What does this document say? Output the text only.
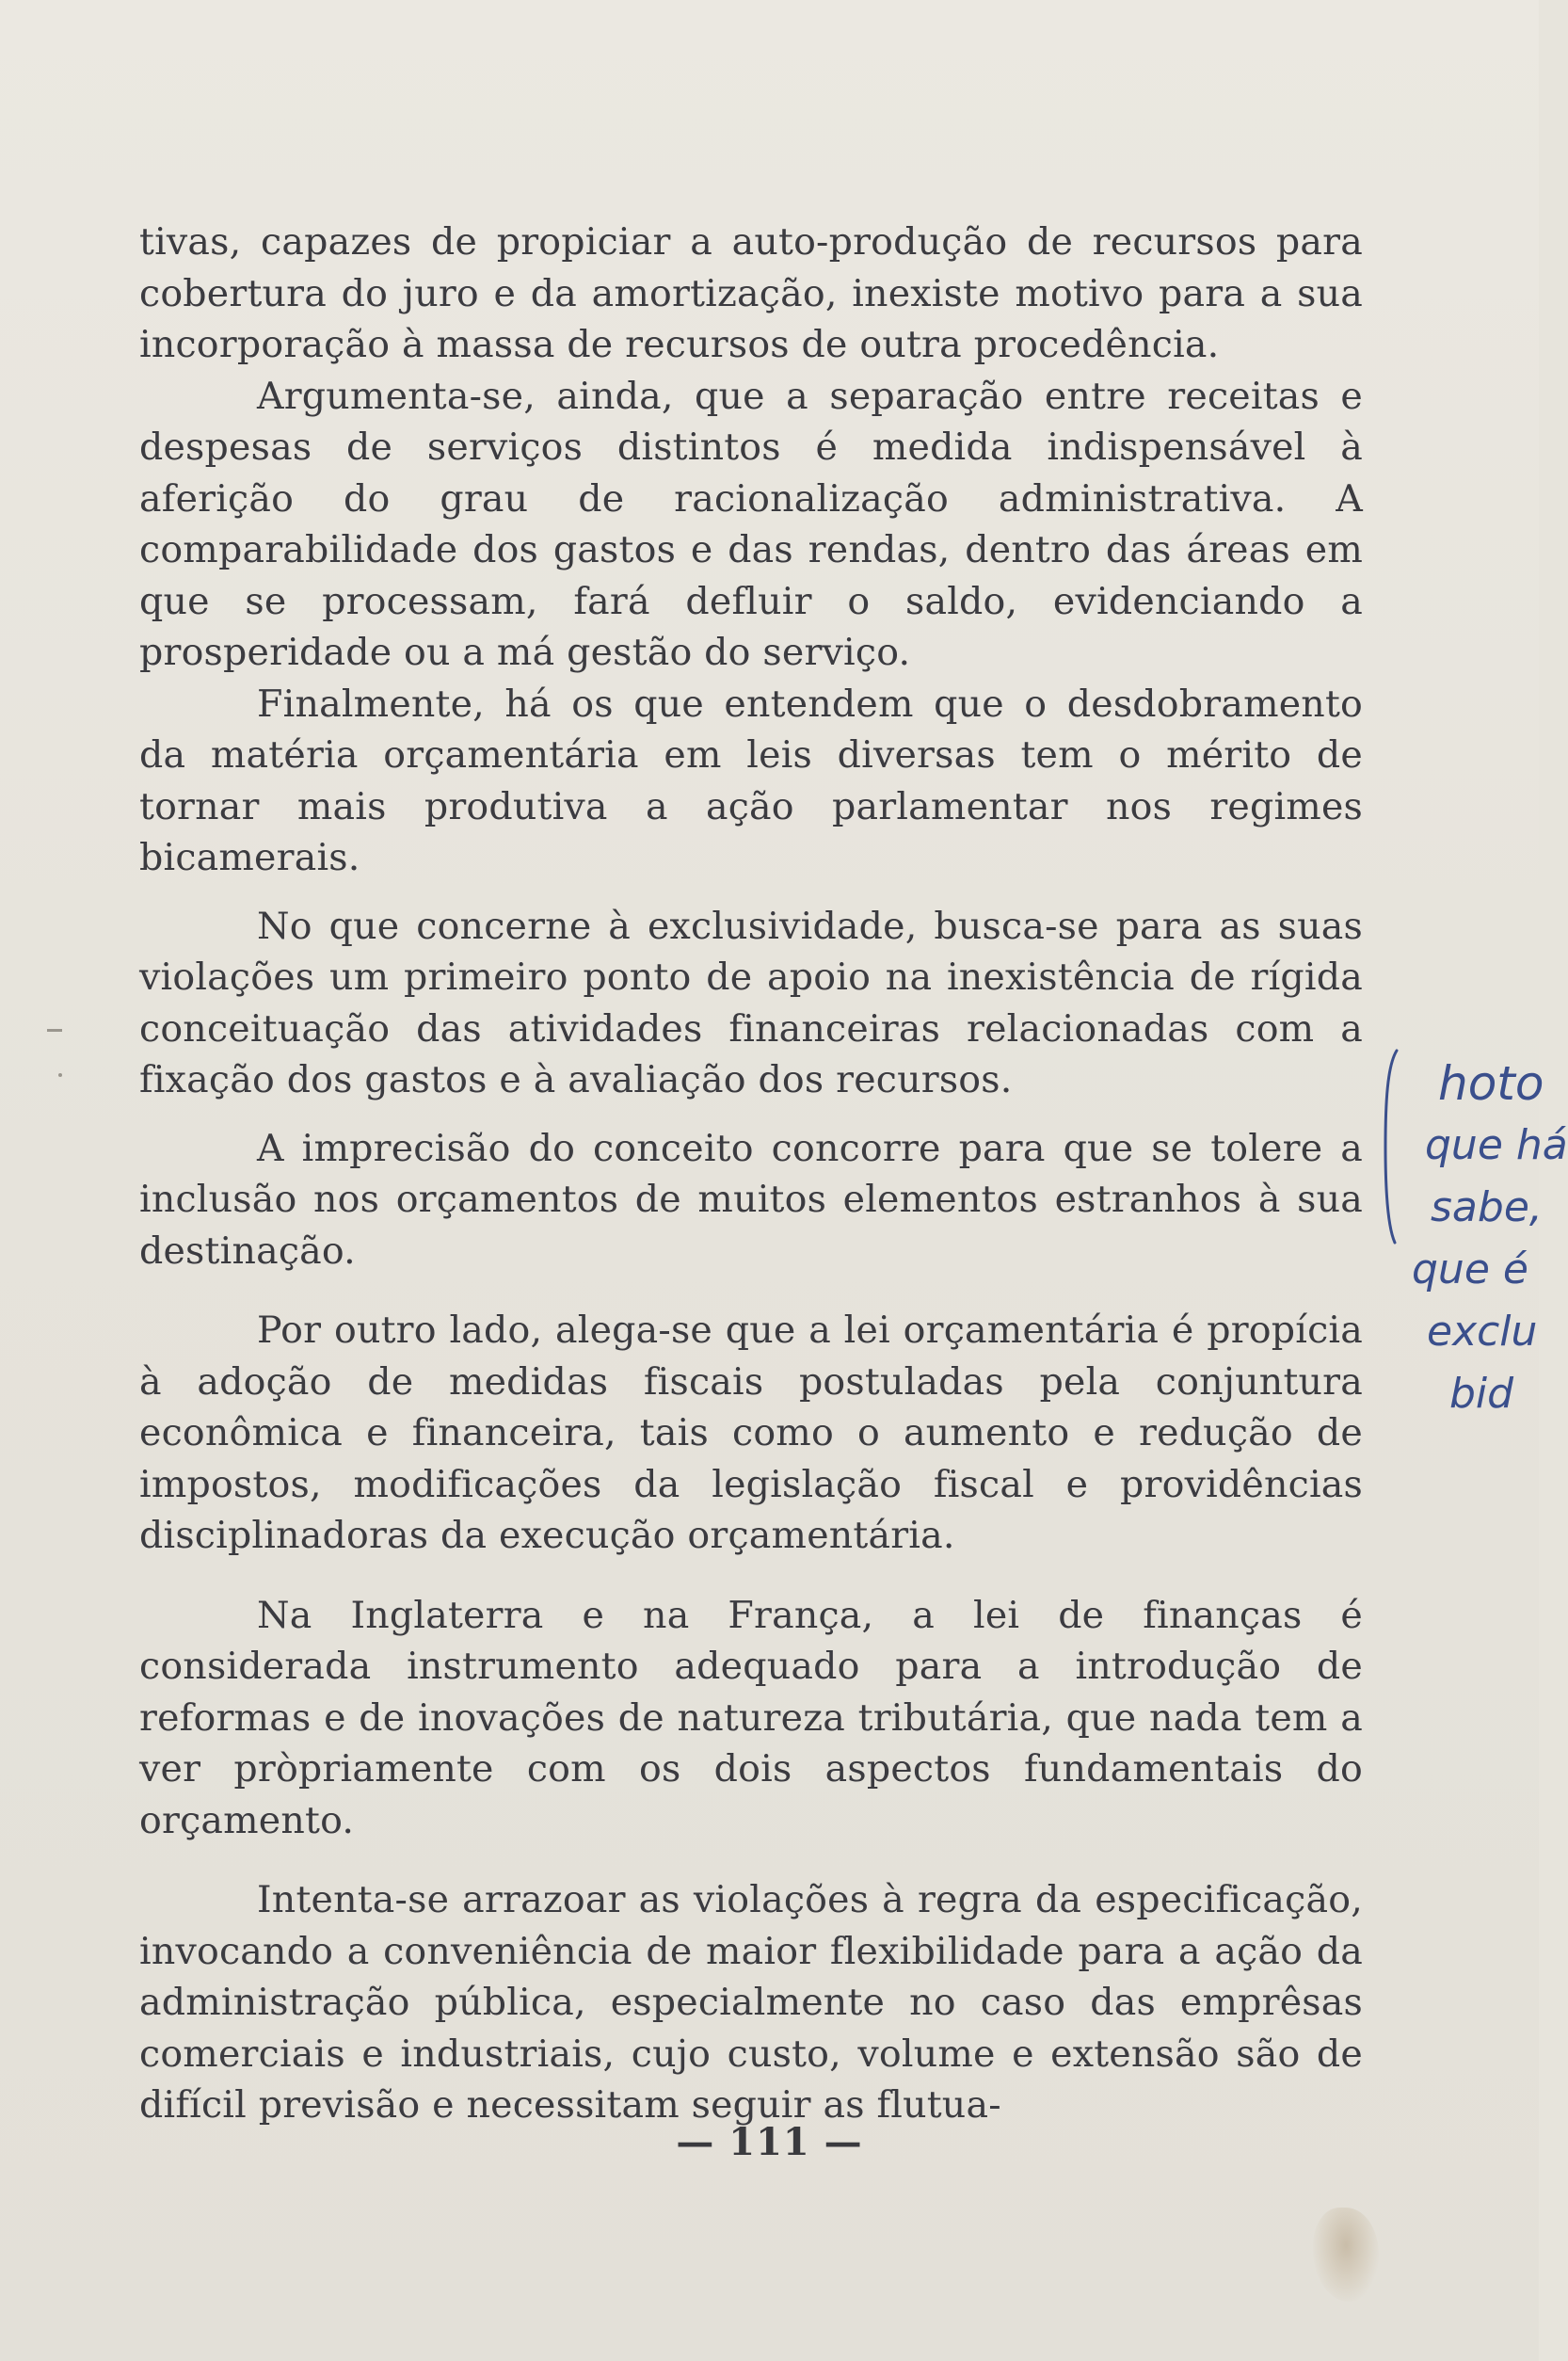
tivas, capazes de propiciar a auto-produção de recursos para cobertura do juro e da amortização, inexiste motivo para a sua incorporação à massa de recursos de outra procedência.

Argumenta-se, ainda, que a separação entre receitas e despesas de serviços distintos é medida indispensável à aferição do grau de racionalização administrativa. A comparabilidade dos gastos e das rendas, dentro das áreas em que se processam, fará defluir o saldo, evidenciando a prosperidade ou a má gestão do serviço.

Finalmente, há os que entendem que o desdobramento da matéria orçamentária em leis diversas tem o mérito de tornar mais produtiva a ação parlamentar nos regimes bicamerais.

No que concerne à exclusividade, busca-se para as suas violações um primeiro ponto de apoio na inexistência de rígida conceituação das atividades financeiras relacionadas com a fixação dos gastos e à avaliação dos recursos.

A imprecisão do conceito concorre para que se tolere a inclusão nos orçamentos de muitos elementos estranhos à sua destinação.

Por outro lado, alega-se que a lei orçamentária é propícia à adoção de medidas fiscais postuladas pela conjuntura econômica e financeira, tais como o aumento e redução de impostos, modificações da legislação fiscal e providências disciplinadoras da execução orçamentária.

Na Inglaterra e na França, a lei de finanças é considerada instrumento adequado para a introdução de reformas e de inovações de natureza tributária, que nada tem a ver pròpriamente com os dois aspectos fundamentais do orçamento.

Intenta-se arrazoar as violações à regra da especificação, invocando a conveniência de maior flexibilidade para a ação da administração pública, especialmente no caso das emprêsas comerciais e industriais, cujo custo, volume e extensão são de difícil previsão e necessitam seguir as flutua-

— 111 —
hoto
que há
sabe,
que é
exclu
bid
